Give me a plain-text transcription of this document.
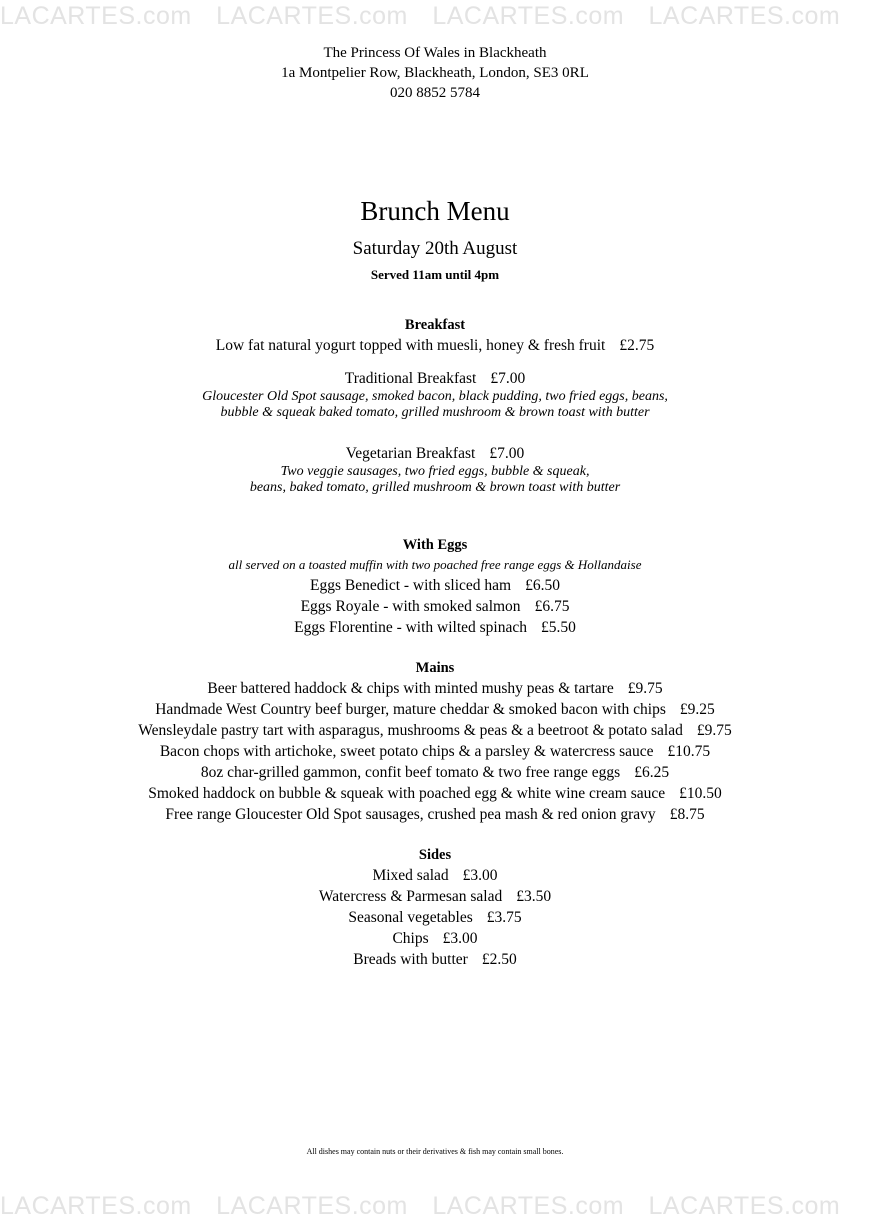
LACARTES.com LACARTES.com LACARTES.com LACARTES.com
The Princess Of Wales in Blackheath
1a Montpelier Row, Blackheath, London, SE3 0RL
020 8852 5784
Brunch Menu
Saturday 20th August
Served 11am until 4pm
Breakfast
Low fat natural yogurt topped with muesli, honey & fresh fruit £2.75
Traditional Breakfast £7.00
Gloucester Old Spot sausage, smoked bacon, black pudding, two fried eggs, beans,
bubble & squeak baked tomato, grilled mushroom & brown toast with butter
Vegetarian Breakfast £7.00
Two veggie sausages, two fried eggs, bubble & squeak,
beans, baked tomato, grilled mushroom & brown toast with butter
With Eggs
all served on a toasted muffin with two poached free range eggs & Hollandaise
Eggs Benedict - with sliced ham £6.50
Eggs Royale - with smoked salmon £6.75
Eggs Florentine - with wilted spinach £5.50
Mains
Beer battered haddock & chips with minted mushy peas & tartare £9.75
Handmade West Country beef burger, mature cheddar & smoked bacon with chips £9.25
Wensleydale pastry tart with asparagus, mushrooms & peas & a beetroot & potato salad £9.75
Bacon chops with artichoke, sweet potato chips & a parsley & watercress sauce £10.75
8oz char-grilled gammon, confit beef tomato & two free range eggs £6.25
Smoked haddock on bubble & squeak with poached egg & white wine cream sauce £10.50
Free range Gloucester Old Spot sausages, crushed pea mash & red onion gravy £8.75
Sides
Mixed salad £3.00
Watercress & Parmesan salad £3.50
Seasonal vegetables £3.75
Chips £3.00
Breads with butter £2.50
All dishes may contain nuts or their derivatives & fish may contain small bones.
LACARTES.com LACARTES.com LACARTES.com LACARTES.com
